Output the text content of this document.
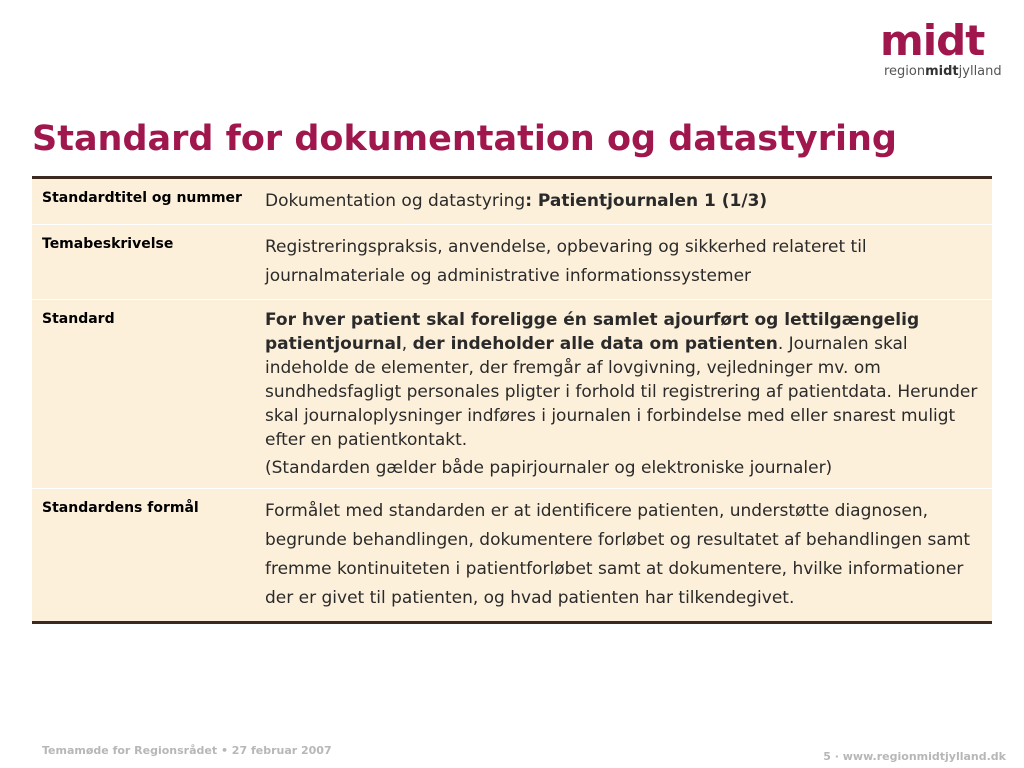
midt
regionmidtjylland
Standard for dokumentation og datastyring
Standardtitel og nummer	Dokumentation og datastyring: Patientjournalen 1 (1/3)
Temabeskrivelse	Registreringspraksis, anvendelse, opbevaring og sikkerhed relateret til journalmateriale og administrative informationssystemer
Standard	For hver patient skal foreligge én samlet ajourført og lettilgængelig patientjournal, der indeholder alle data om patienten. Journalen skal indeholde de elementer, der fremgår af lovgivning, vejledninger mv. om sundhedsfagligt personales pligter i forhold til registrering af patientdata. Herunder skal journaloplysninger indføres i journalen i forbindelse med eller snarest muligt efter en patientkontakt.
(Standarden gælder både papirjournaler og elektroniske journaler)

Standardens formål	Formålet med standarden er at identificere patienten, understøtte diagnosen, begrunde behandlingen, dokumentere forløbet og resultatet af behandlingen samt fremme kontinuiteten i patientforløbet samt at dokumentere, hvilke informationer der er givet til patienten, og hvad patienten har tilkendegivet.
Temamøde for Regionsrådet • 27 februar 2007	5 · www.regionmidtjylland.dk
